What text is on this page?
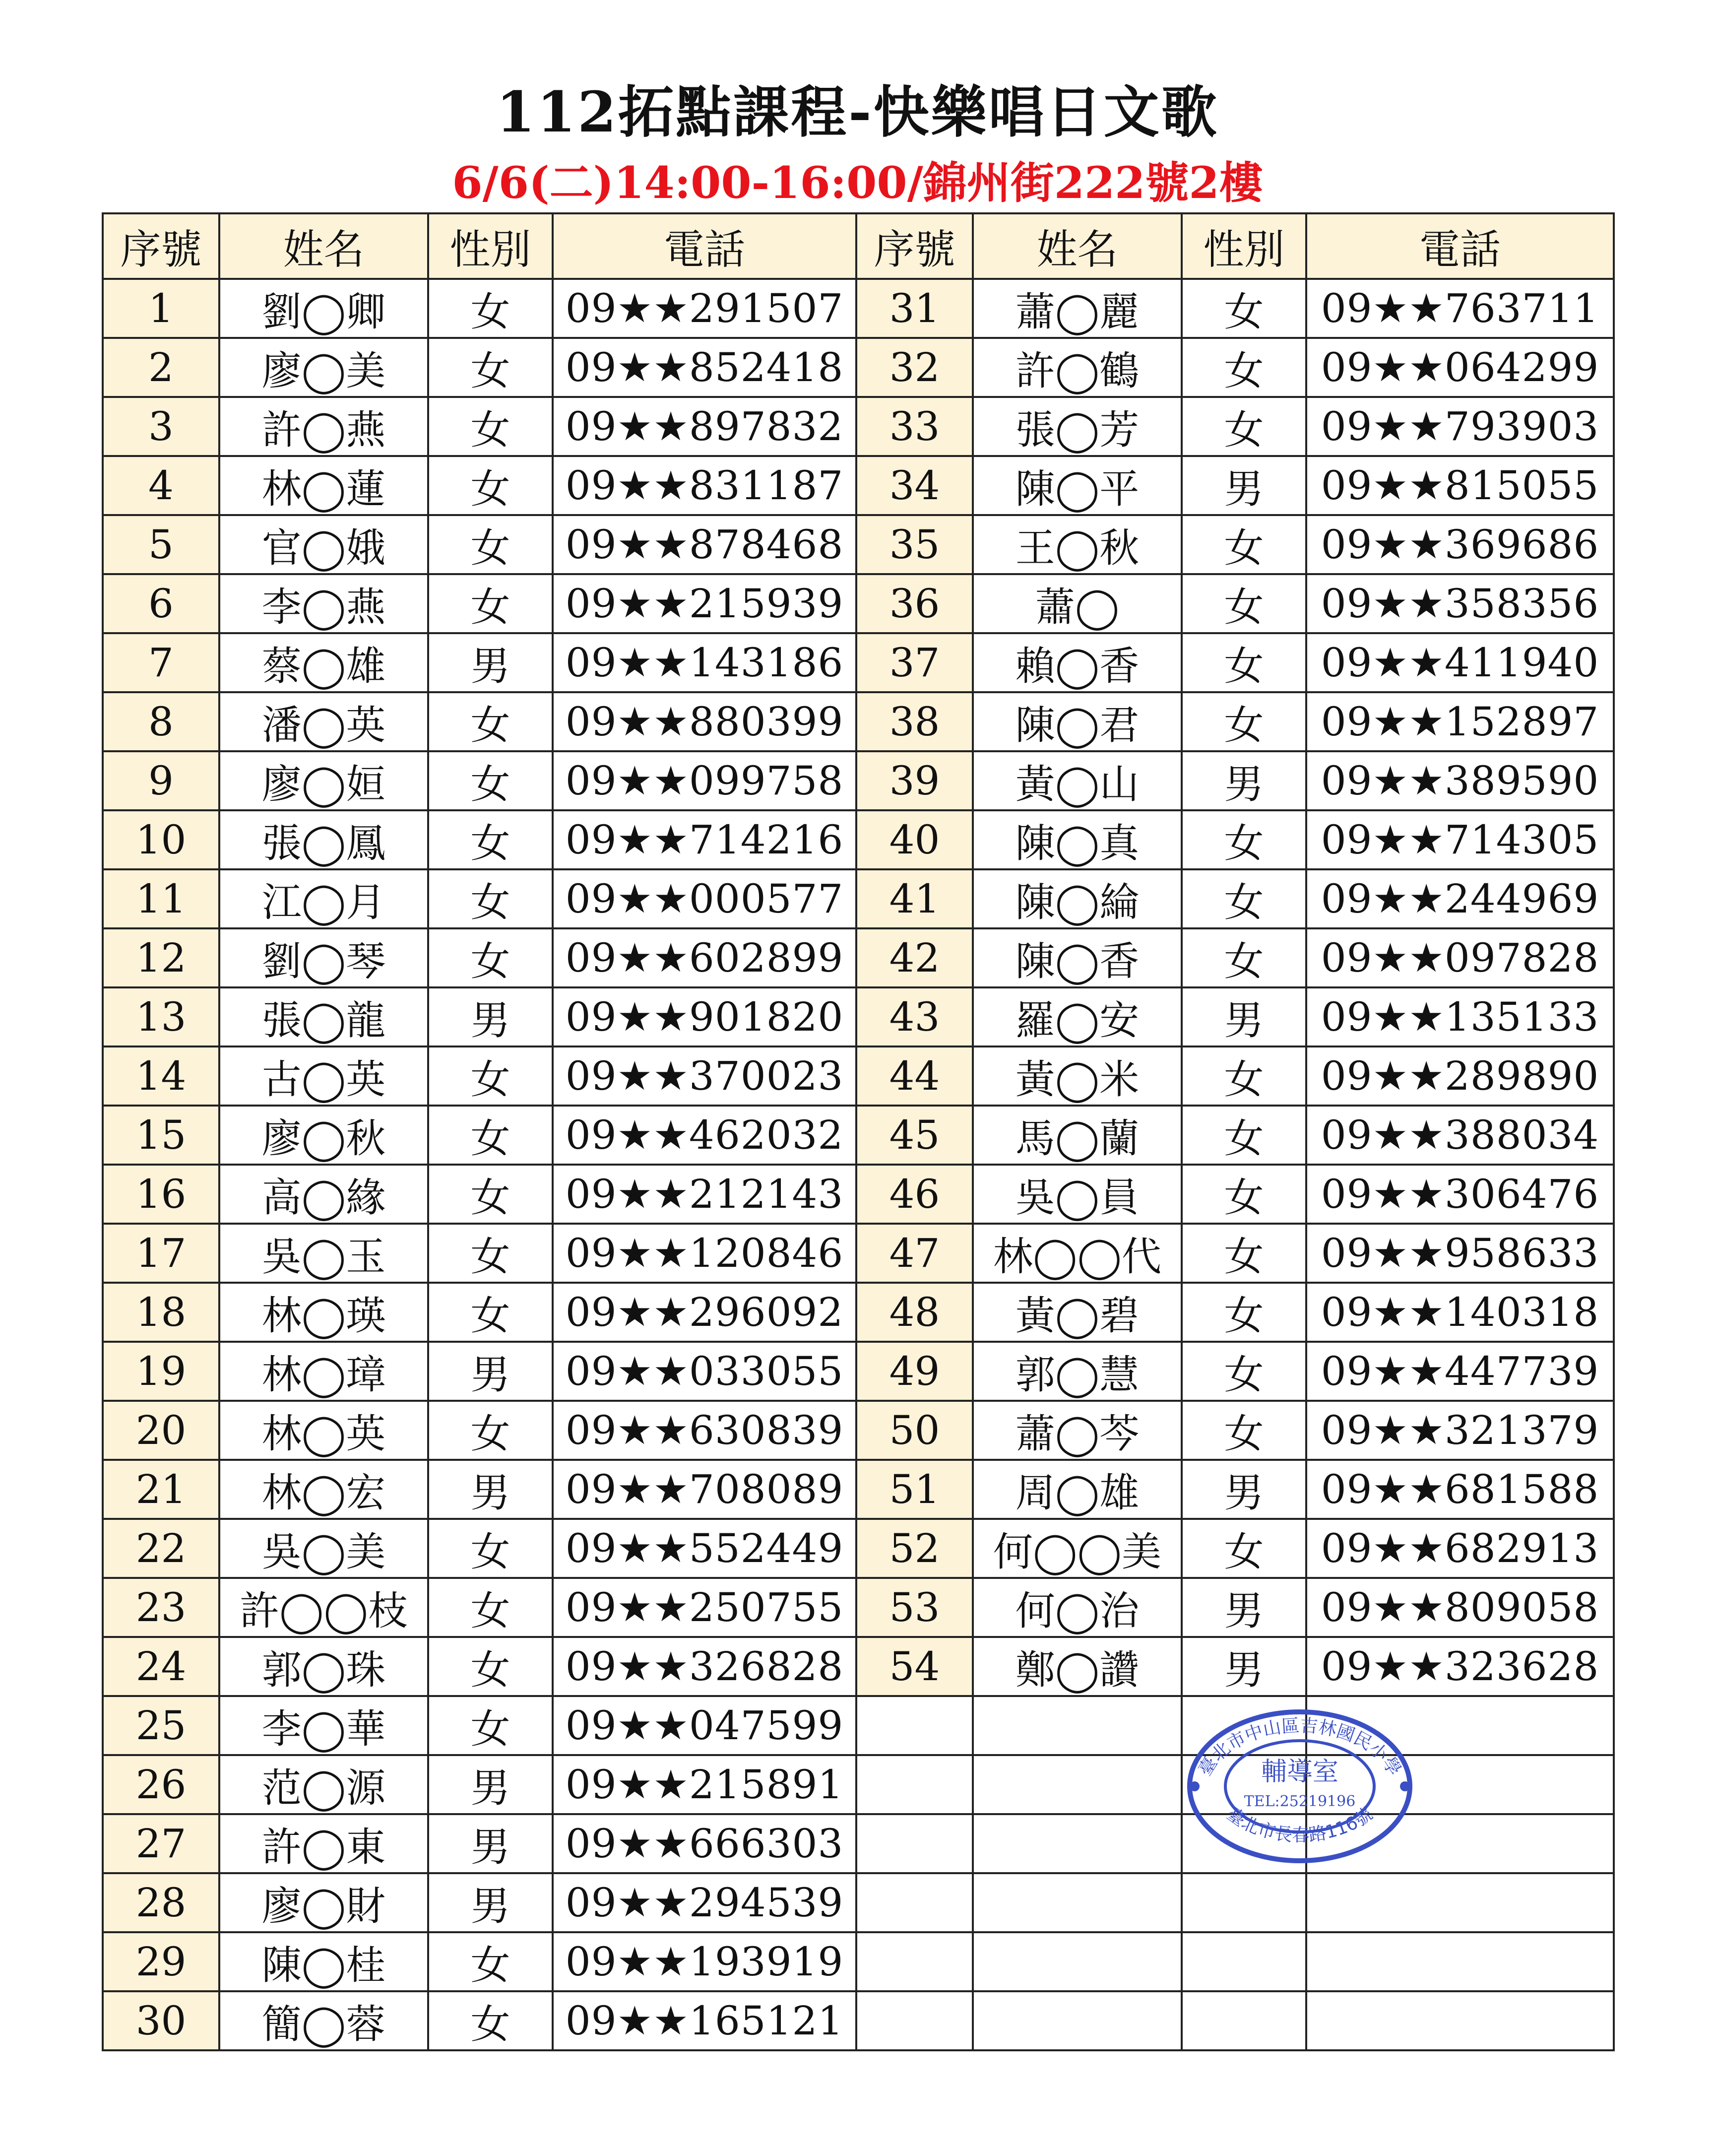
112拓點課程-快樂唱日文歌
6/6(二)14:00-16:00/錦州街222號2樓
序號	姓名	性別	電話	序號	姓名	性別	電話
1	劉◯卿	女	09★★291507	31	蕭◯麗	女	09★★763711
2	廖◯美	女	09★★852418	32	許◯鶴	女	09★★064299
3	許◯燕	女	09★★897832	33	張◯芳	女	09★★793903
4	林◯蓮	女	09★★831187	34	陳◯平	男	09★★815055
5	官◯娥	女	09★★878468	35	王◯秋	女	09★★369686
6	李◯燕	女	09★★215939	36	蕭◯	女	09★★358356
7	蔡◯雄	男	09★★143186	37	賴◯香	女	09★★411940
8	潘◯英	女	09★★880399	38	陳◯君	女	09★★152897
9	廖◯姮	女	09★★099758	39	黃◯山	男	09★★389590
10	張◯鳳	女	09★★714216	40	陳◯真	女	09★★714305
11	江◯月	女	09★★000577	41	陳◯綸	女	09★★244969
12	劉◯琴	女	09★★602899	42	陳◯香	女	09★★097828
13	張◯龍	男	09★★901820	43	羅◯安	男	09★★135133
14	古◯英	女	09★★370023	44	黃◯米	女	09★★289890
15	廖◯秋	女	09★★462032	45	馬◯蘭	女	09★★388034
16	高◯緣	女	09★★212143	46	吳◯員	女	09★★306476
17	吳◯玉	女	09★★120846	47	林◯◯代	女	09★★958633
18	林◯瑛	女	09★★296092	48	黃◯碧	女	09★★140318
19	林◯璋	男	09★★033055	49	郭◯慧	女	09★★447739
20	林◯英	女	09★★630839	50	蕭◯芩	女	09★★321379
21	林◯宏	男	09★★708089	51	周◯雄	男	09★★681588
22	吳◯美	女	09★★552449	52	何◯◯美	女	09★★682913
23	許◯◯枝	女	09★★250755	53	何◯治	男	09★★809058
24	郭◯珠	女	09★★326828	54	鄭◯讚	男	09★★323628
25	李◯華	女	09★★047599				
26	范◯源	男	09★★215891				
27	許◯東	男	09★★666303				
28	廖◯財	男	09★★294539				
29	陳◯桂	女	09★★193919				
30	簡◯蓉	女	09★★165121				
臺北市中山區吉林國民小學
輔導室
TEL:25219196
臺北市長春路116號
